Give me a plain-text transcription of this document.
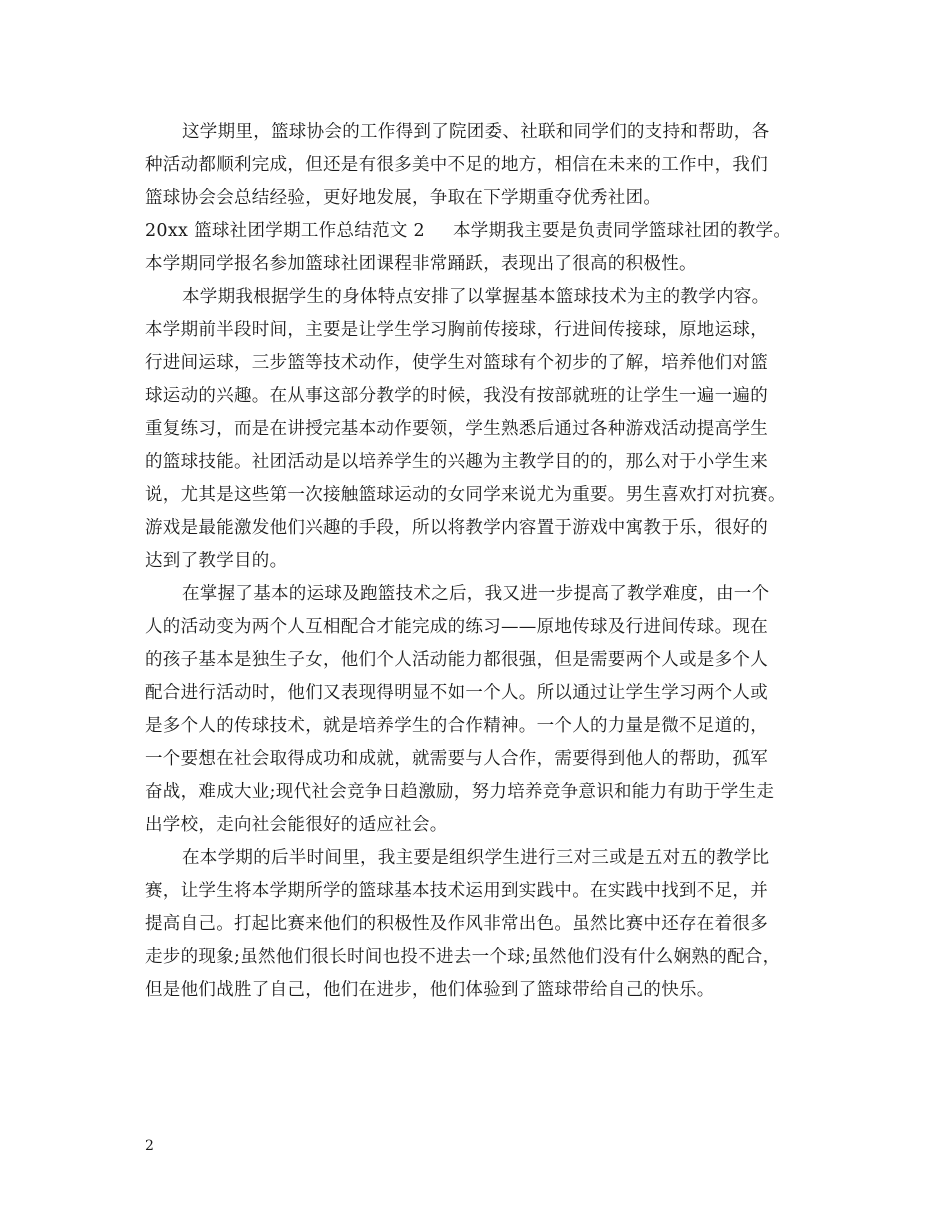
这学期里，篮球协会的工作得到了院团委、社联和同学们的支持和帮助，各
种活动都顺利完成，但还是有很多美中不足的地方，相信在未来的工作中，我们
篮球协会会总结经验，更好地发展，争取在下学期重夺优秀社团。
20xx 篮球社团学期工作总结范文 2 本学期我主要是负责同学篮球社团的教学。
本学期同学报名参加篮球社团课程非常踊跃，表现出了很高的积极性。
本学期我根据学生的身体特点安排了以掌握基本篮球技术为主的教学内容。
本学期前半段时间，主要是让学生学习胸前传接球，行进间传接球，原地运球，
行进间运球，三步篮等技术动作，使学生对篮球有个初步的了解，培养他们对篮
球运动的兴趣。在从事这部分教学的时候，我没有按部就班的让学生一遍一遍的
重复练习，而是在讲授完基本动作要领，学生熟悉后通过各种游戏活动提高学生
的篮球技能。社团活动是以培养学生的兴趣为主教学目的的，那么对于小学生来
说，尤其是这些第一次接触篮球运动的女同学来说尤为重要。男生喜欢打对抗赛。
游戏是最能激发他们兴趣的手段，所以将教学内容置于游戏中寓教于乐，很好的
达到了教学目的。
在掌握了基本的运球及跑篮技术之后，我又进一步提高了教学难度，由一个
人的活动变为两个人互相配合才能完成的练习——原地传球及行进间传球。现在
的孩子基本是独生子女，他们个人活动能力都很强，但是需要两个人或是多个人
配合进行活动时，他们又表现得明显不如一个人。所以通过让学生学习两个人或
是多个人的传球技术，就是培养学生的合作精神。一个人的力量是微不足道的，
一个要想在社会取得成功和成就，就需要与人合作，需要得到他人的帮助，孤军
奋战，难成大业;现代社会竞争日趋激励，努力培养竞争意识和能力有助于学生走
出学校，走向社会能很好的适应社会。
在本学期的后半时间里，我主要是组织学生进行三对三或是五对五的教学比
赛，让学生将本学期所学的篮球基本技术运用到实践中。在实践中找到不足，并
提高自己。打起比赛来他们的积极性及作风非常出色。虽然比赛中还存在着很多
走步的现象;虽然他们很长时间也投不进去一个球;虽然他们没有什么娴熟的配合，
但是他们战胜了自己，他们在进步，他们体验到了篮球带给自己的快乐。
2
